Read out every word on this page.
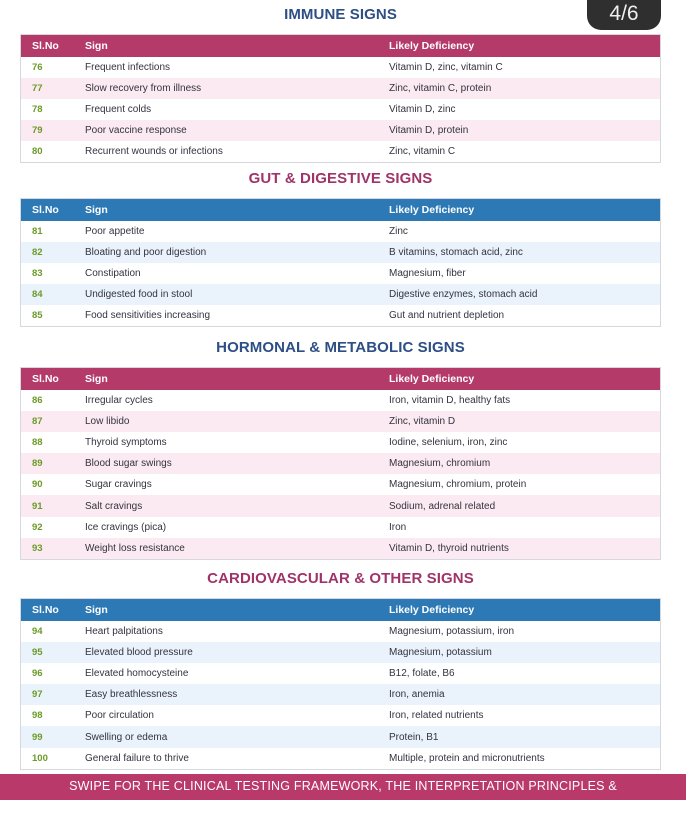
4/6
IMMUNE SIGNS
Sl.No	Sign	Likely Deficiency
76	Frequent infections	Vitamin D, zinc, vitamin C
77	Slow recovery from illness	Zinc, vitamin C, protein
78	Frequent colds	Vitamin D, zinc
79	Poor vaccine response	Vitamin D, protein
80	Recurrent wounds or infections	Zinc, vitamin C
GUT & DIGESTIVE SIGNS
Sl.No	Sign	Likely Deficiency
81	Poor appetite	Zinc
82	Bloating and poor digestion	B vitamins, stomach acid, zinc
83	Constipation	Magnesium, fiber
84	Undigested food in stool	Digestive enzymes, stomach acid
85	Food sensitivities increasing	Gut and nutrient depletion
HORMONAL & METABOLIC SIGNS
Sl.No	Sign	Likely Deficiency
86	Irregular cycles	Iron, vitamin D, healthy fats
87	Low libido	Zinc, vitamin D
88	Thyroid symptoms	Iodine, selenium, iron, zinc
89	Blood sugar swings	Magnesium, chromium
90	Sugar cravings	Magnesium, chromium, protein
91	Salt cravings	Sodium, adrenal related
92	Ice cravings (pica)	Iron
93	Weight loss resistance	Vitamin D, thyroid nutrients
CARDIOVASCULAR & OTHER SIGNS
Sl.No	Sign	Likely Deficiency
94	Heart palpitations	Magnesium, potassium, iron
95	Elevated blood pressure	Magnesium, potassium
96	Elevated homocysteine	B12, folate, B6
97	Easy breathlessness	Iron, anemia
98	Poor circulation	Iron, related nutrients
99	Swelling or edema	Protein, B1
100	General failure to thrive	Multiple, protein and micronutrients
SWIPE FOR THE CLINICAL TESTING FRAMEWORK, THE INTERPRETATION PRINCIPLES &
COMMON PRACTITIONER MISTAKES
